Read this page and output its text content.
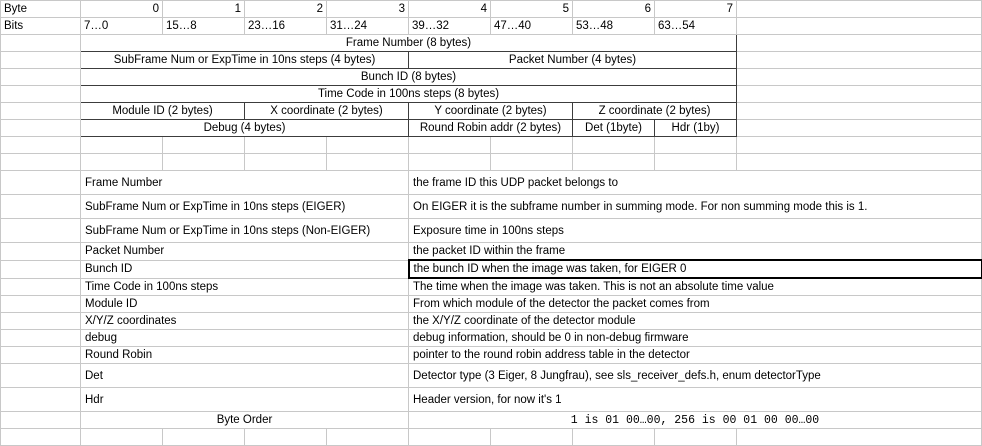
Byte	0	1	2	3	4	5	6	7	
Bits	7…0	15…8	23…16	31…24	39…32	47…40	53…48	63…54	
	Frame Number (8 bytes)								
	SubFrame Num or ExpTime in 10ns steps (4 bytes)				Packet Number (4 bytes)				
	Bunch ID (8 bytes)								
	Time Code in 100ns steps (8 bytes)								
	Module ID (2 bytes)		X coordinate (2 bytes)		Y coordinate (2 bytes)		Z coordinate (2 bytes)		
	Debug (4 bytes)				Round Robin addr (2 bytes)		Det (1byte)	Hdr (1by)	

	Frame Number				the frame ID this UDP packet belongs to				
	SubFrame Num or ExpTime in 10ns steps (EIGER)				On EIGER it is the subframe number in summing mode. For non summing mode this is 1.				
	SubFrame Num or ExpTime in 10ns steps (Non-EIGER)				Exposure time in 100ns steps				
	Packet Number				the packet ID within the frame				
	Bunch ID				the bunch ID when the image was taken, for EIGER 0				
	Time Code in 100ns steps				The time when the image was taken. This is not an absolute time value				
	Module ID				From which module of the detector the packet comes from				
	X/Y/Z coordinates				the X/Y/Z coordinate of the detector module				
	debug				debug information, should be 0 in non-debug firmware				
	Round Robin				pointer to the round robin address table in the detector				
	Det				Detector type (3 Eiger, 8 Jungfrau), see sls_receiver_defs.h, enum detectorType				
	Hdr				Header version, for now it's 1				
	Byte Order				1 is 01 00…00, 256 is 00 01 00 00…00				
